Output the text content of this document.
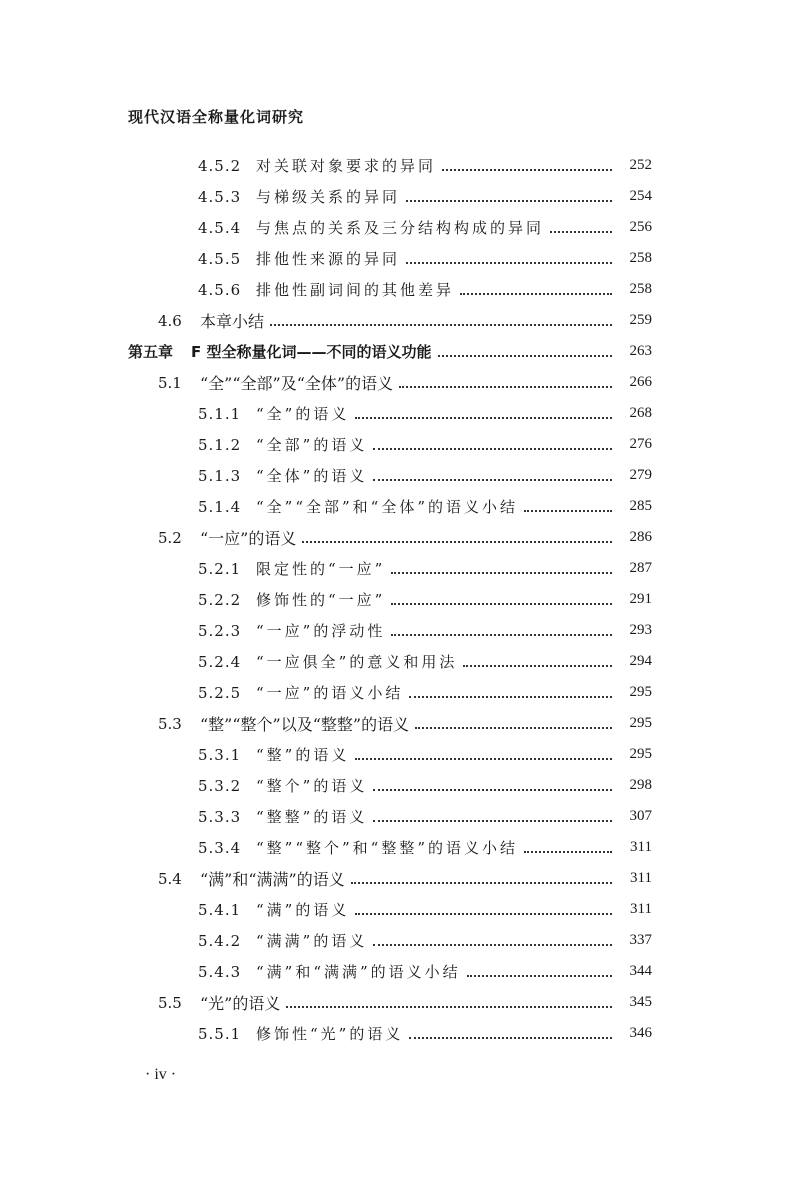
现代汉语全称量化词研究
4.5.2 对关联对象要求的异同	252
4.5.3 与梯级关系的异同	254
4.5.4 与焦点的关系及三分结构构成的异同	256
4.5.5 排他性来源的异同	258
4.5.6 排他性副词间的其他差异	258
4.6	本章小结	259
第五章	F 型全称量化词——不同的语义功能	263
5.1	“全”“全部”及“全体”的语义	266
5.1.1 “全”的语义	268
5.1.2 “全部”的语义	276
5.1.3 “全体”的语义	279
5.1.4 “全”“全部”和“全体”的语义小结	285
5.2	“一应”的语义	286
5.2.1 限定性的“一应”	287
5.2.2 修饰性的“一应”	291
5.2.3 “一应”的浮动性	293
5.2.4 “一应俱全”的意义和用法	294
5.2.5 “一应”的语义小结	295
5.3	“整”“整个”以及“整整”的语义	295
5.3.1 “整”的语义	295
5.3.2 “整个”的语义	298
5.3.3 “整整”的语义	307
5.3.4 “整”“整个”和“整整”的语义小结	311
5.4	“满”和“满满”的语义	311
5.4.1 “满”的语义	311
5.4.2 “满满”的语义	337
5.4.3 “满”和“满满”的语义小结	344
5.5	“光”的语义	345
5.5.1 修饰性“光”的语义	346
· iv ·
